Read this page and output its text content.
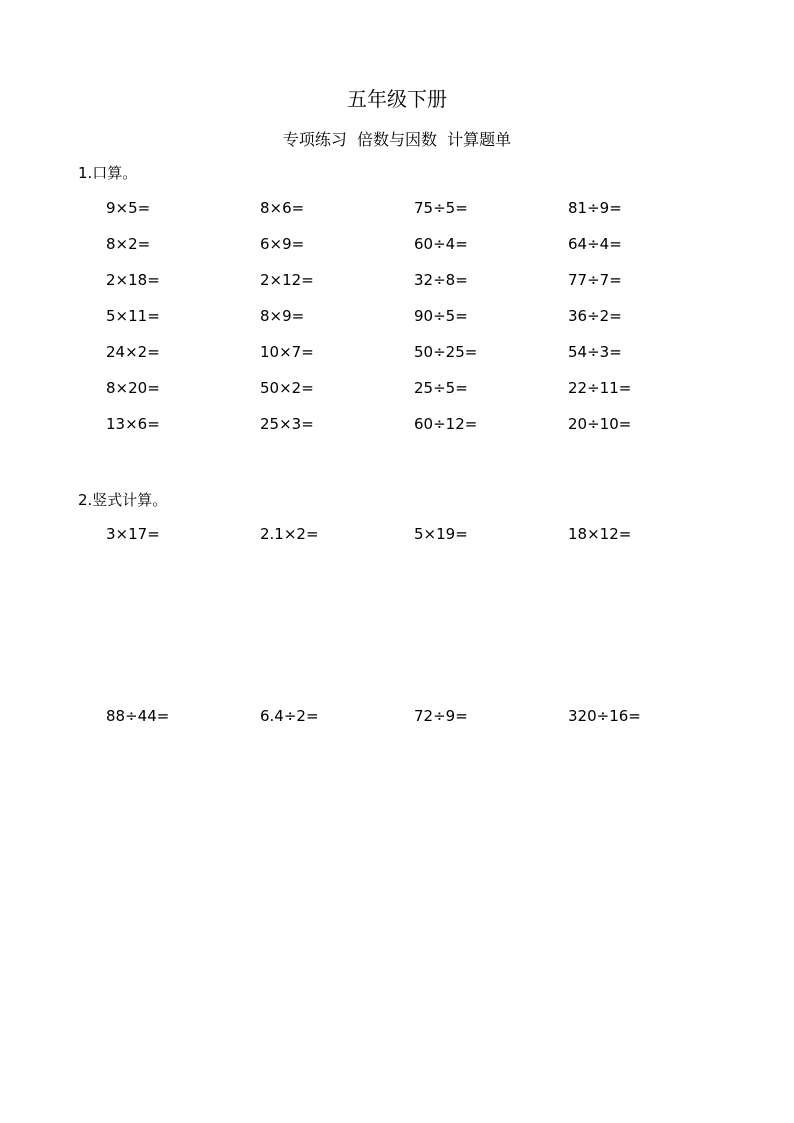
五年级下册
专项练习  倍数与因数  计算题单
1.口算。
9×5=	8×6=	75÷5=	81÷9=
8×2=	6×9=	60÷4=	64÷4=
2×18=	2×12=	32÷8=	77÷7=
5×11=	8×9=	90÷5=	36÷2=
24×2=	10×7=	50÷25=	54÷3=
8×20=	50×2=	25÷5=	22÷11=
13×6=	25×3=	60÷12=	20÷10=
2.竖式计算。
3×17=	2.1×2=	5×19=	18×12=
88÷44=	6.4÷2=	72÷9=	320÷16=
